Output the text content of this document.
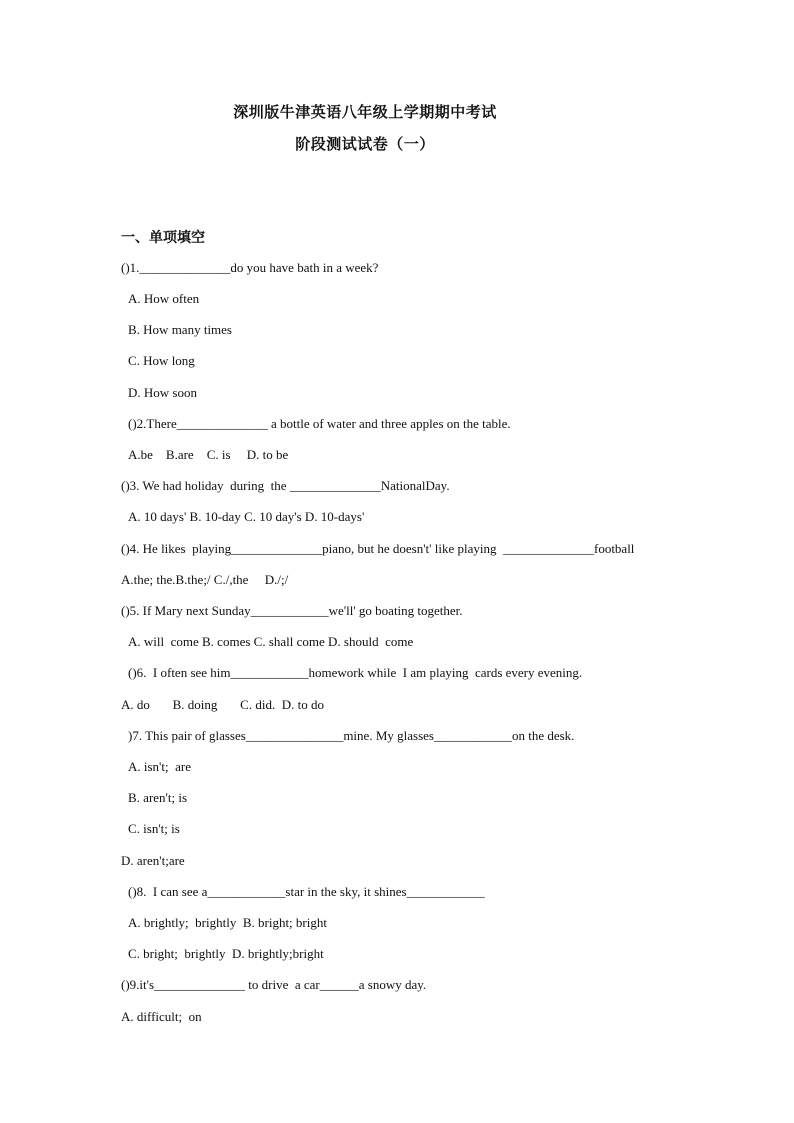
深圳版牛津英语八年级上学期期中考试
阶段测试试卷（一）
一、单项填空
()1.______________do you have bath in a week?
A. How often
B. How many times
C. How long
D. How soon
()2.There______________ a bottle of water and three apples on the table.
A.be    B.are    C. is     D. to be
()3. We had holiday  during  the ______________NationalDay.
A. 10 days' B. 10-day C. 10 day's D. 10-days'
()4. He likes  playing______________piano, but he doesn't' like playing  ______________football
A.the; the.B.the;/ C./,the     D./;/
()5. If Mary next Sunday____________we'll' go boating together.
A. will  come B. comes C. shall come D. should  come
()6.  I often see him____________homework while  I am playing  cards every evening.
A. do       B. doing       C. did.  D. to do
)7. This pair of glasses_______________mine. My glasses____________on the desk.
A. isn't;  are
B. aren't; is
C. isn't; is
D. aren't;are
()8.  I can see a____________star in the sky, it shines____________
A. brightly;  brightly  B. bright; bright
C. bright;  brightly  D. brightly;bright
()9.it's______________ to drive  a car______a snowy day.
A. difficult;  on
